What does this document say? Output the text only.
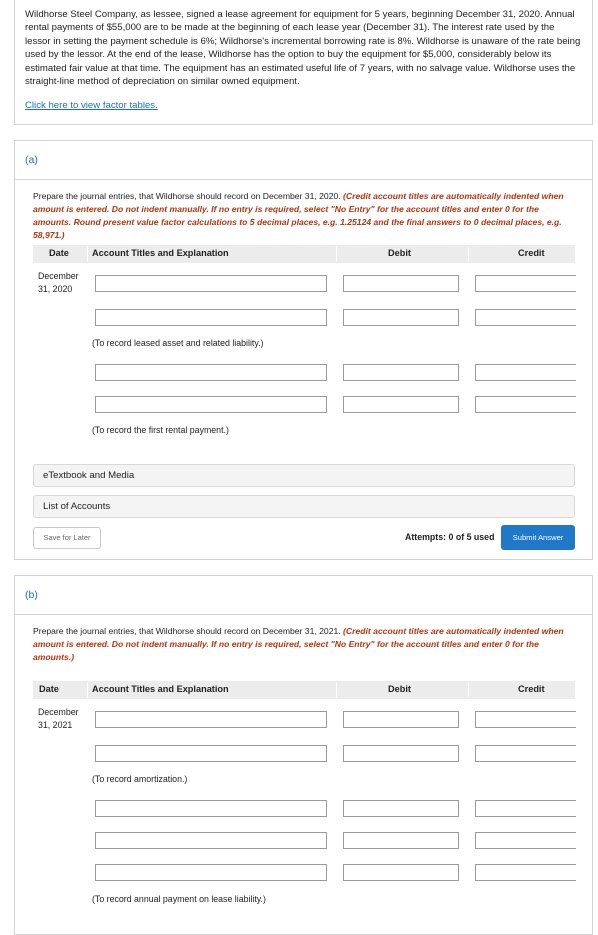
Wildhorse Steel Company, as lessee, signed a lease agreement for equipment for 5 years, beginning December 31, 2020. Annual rental payments of $55,000 are to be made at the beginning of each lease year (December 31). The interest rate used by the lessor in setting the payment schedule is 6%; Wildhorse's incremental borrowing rate is 8%. Wildhorse is unaware of the rate being used by the lessor. At the end of the lease, Wildhorse has the option to buy the equipment for $5,000, considerably below its estimated fair value at that time. The equipment has an estimated useful life of 7 years, with no salvage value. Wildhorse uses the straight-line method of depreciation on similar owned equipment.

Click here to view factor tables.
(a)
Prepare the journal entries, that Wildhorse should record on December 31, 2020. (Credit account titles are automatically indented when amount is entered. Do not indent manually. If no entry is required, select "No Entry" for the account titles and enter 0 for the amounts. Round present value factor calculations to 5 decimal places, e.g. 1.25124 and the final answers to 0 decimal places, e.g. 58,971.)
Date	Account Titles and Explanation	Debit	Credit
December 31, 2020
(To record leased asset and related liability.)
(To record the first rental payment.)
eTextbook and Media
List of Accounts
Save for Later	Attempts: 0 of 5 used	Submit Answer
(b)
Prepare the journal entries, that Wildhorse should record on December 31, 2021. (Credit account titles are automatically indented when amount is entered. Do not indent manually. If no entry is required, select "No Entry" for the account titles and enter 0 for the amounts.)
Date	Account Titles and Explanation	Debit	Credit
December 31, 2021
(To record amortization.)
(To record annual payment on lease liability.)
